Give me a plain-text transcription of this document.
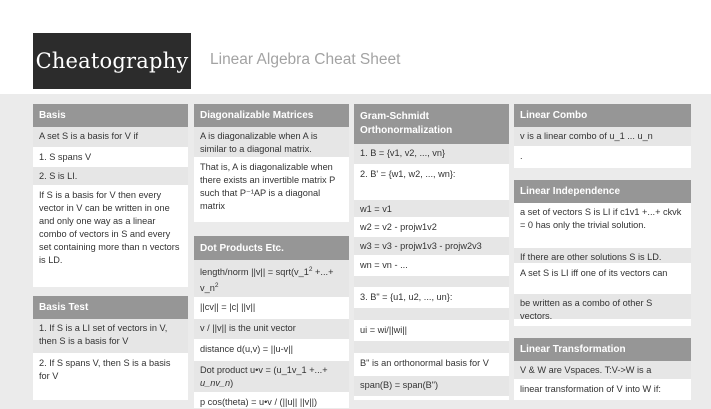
Cheatography Linear Algebra Cheat Sheet
Basis
A set S is a basis for V if
1. S spans V
2. S is LI.
If S is a basis for V then every vector in V can be written in one and only one way as a linear combo of vectors in S and every set containing more than n vectors is LD.
Basis Test
1. If S is a LI set of vectors in V, then S is a basis for V
2. If S spans V, then S is a basis for V
Diagonalizable Matrices
A is diagonalizable when A is similar to a diagonal matrix.
That is, A is diagonalizable when there exists an invertible matrix P such that P⁻¹AP is a diagonal matrix
Dot Products Etc.
length/norm $||v|| = sqrt(v\_1^2$ +...+ $v\_n^2$
||cv|| = |c| ||v||
v / ||v|| is the unit vector
distance d(u,v) = ||u-v||
Dot product u•v = (u_1v_1 +...+ u_nv_n)
p cos(theta) = u•v / (||u|| ||v||)
Gram-Schmidt Orthonormalization
1. B = {v1, v2, ..., vn}
2. B' = {w1, w2, ..., wn}:
w1 = v1
w2 = v2 - projw1v2
w3 = v3 - projw1v3 - projw2v3
wn = vn - ...
3. B" = {u1, u2, ..., un}:
ui = wi/||wi||
B" is an orthonormal basis for V
span(B) = span(B")
Linear Combo
v is a linear combo of u_1 ... u_n
.
Linear Independence
a set of vectors S is LI if c1v1 +...+ ckvk = 0 has only the trivial solution.
If there are other solutions S is LD.
A set S is LI iff one of its vectors can
be written as a combo of other S vectors.
Linear Transformation
V & W are Vspaces. T:V->W is a
linear transformation of V into W if:
